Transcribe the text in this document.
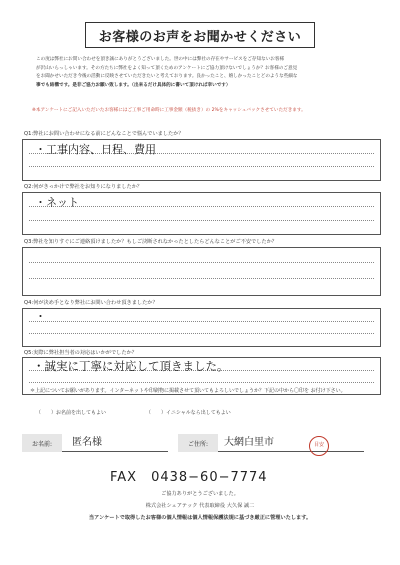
お客様のお声をお聞かせください

この度は弊社にお問い合わせを頂き誠にありがとうございました。世の中には弊社の存在やサービスをご存知ないお客様

が沢山いらっしゃいます。その方たちに弊社をよく知って頂くためのアンケートにご協力頂けないでしょうか？お客様のご意見

をお聞かせいただき今後の活動に反映させていただきたいと考えております。良かったこと、嬉しかったことどのような些細な

事でも結構です。是非ご協力お願い致します。（出来るだけ具体的に書いて頂ければ幸いです）

※本アンケートにご記入いただいたお客様にはご工事ご用命時に工事金額（税抜き）の 2%をキャッシュバックさせていただきます。
Q1:弊社にお問い合わせになる前にどんなことで悩んでいましたか？
・工事内容、日程、費用
Q2:何がきっかけで弊社をお知りになりましたか？
・ネット
Q3:弊社を知りすぐにご連絡頂けましたか？もしご決断されなかったとしたらどんなことがご不安でしたか？
Q4:何が決め手となり弊社にお問い合わせ頂きましたか？
・
Q5:実際に弊社担当者の対応はいかがでしたか？
・誠実に丁寧に対応して頂きました。
＊上記についてお願いがあります。インターネットや印刷物に掲載させて頂いてもよろしいでしょうか？下記の中から〇印を お付け下さい。
（　　）お名前を出してもよい	（　　）イニシャルなら出してもよい
お名前:	匿名様	ご住所:	大網白里市	目安
FAX　0438−60−7774
ご協力ありがとうございました。
株式会社シェアテック 代表取締役 大久保 誠二
当アンケートで取得したお客様の個人情報は個人情報保護法規に基づき厳正に管理いたします。
